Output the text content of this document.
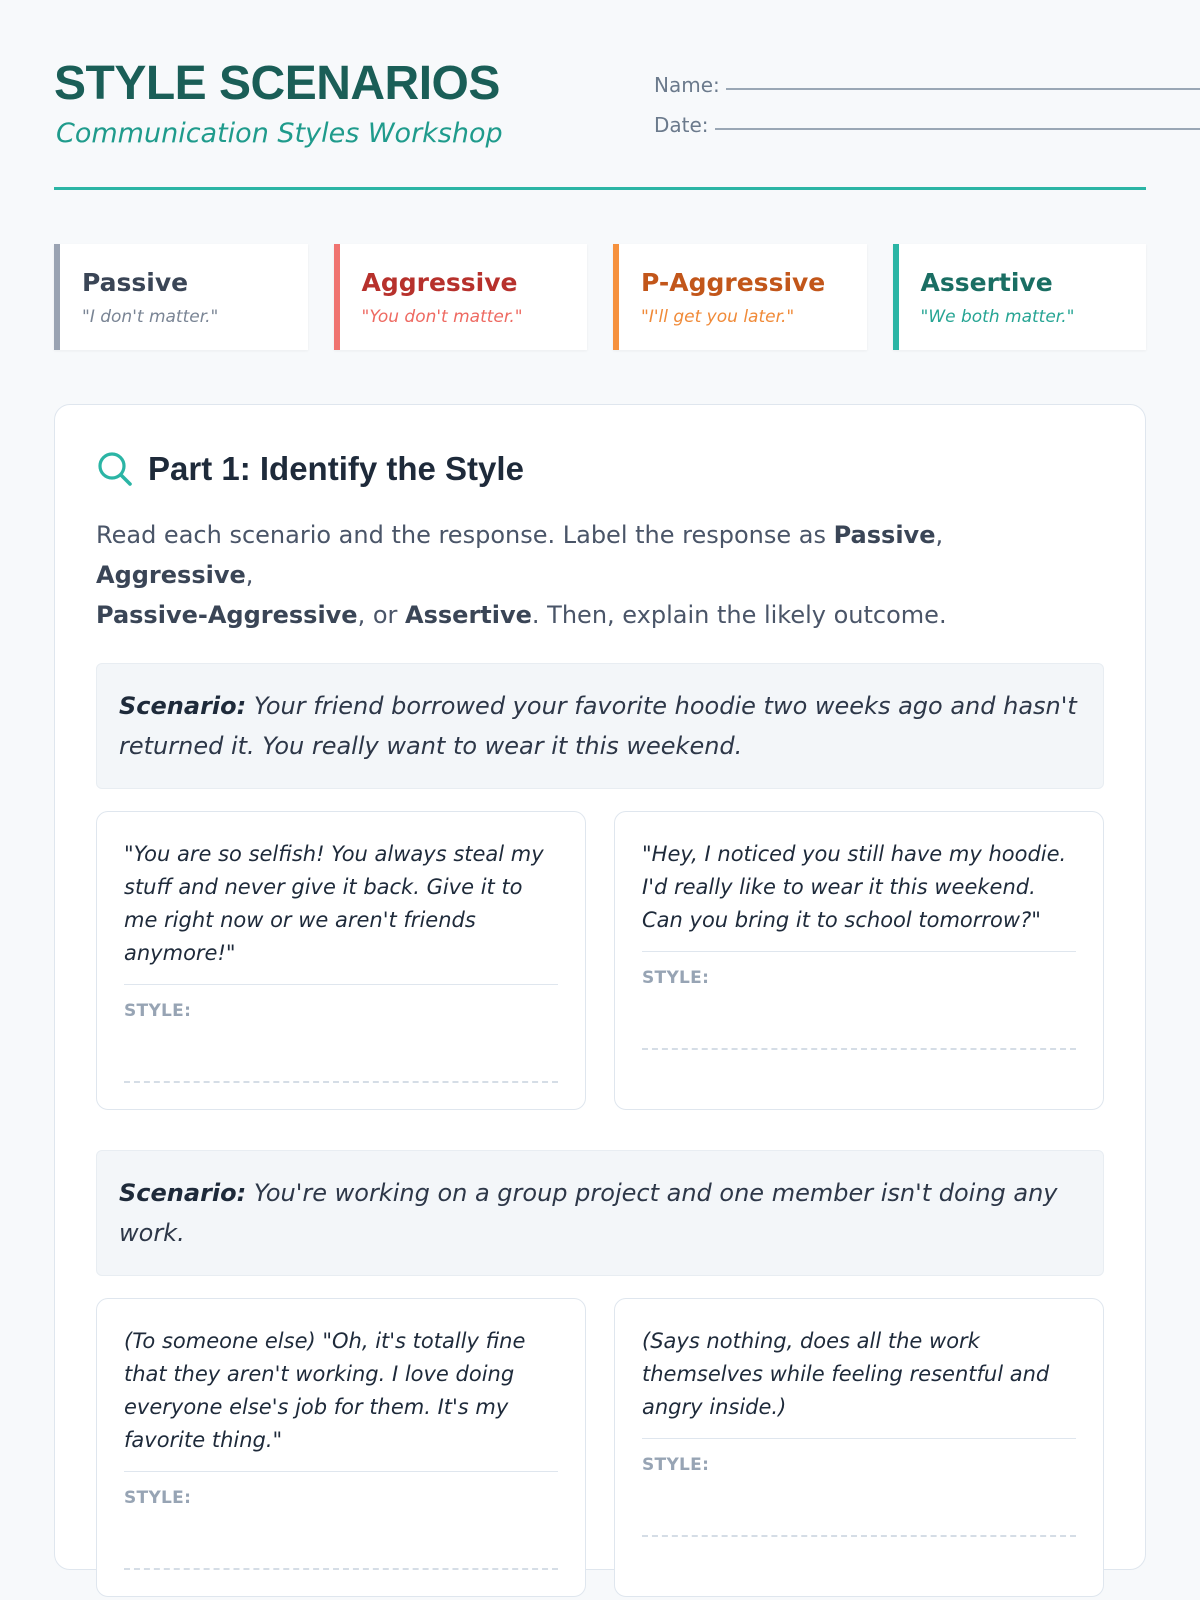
STYLE SCENARIOS
Communication Styles Workshop
Name:
Date:
Passive
"I don't matter."
Aggressive
"You don't matter."
P-Aggressive
"I'll get you later."
Assertive
"We both matter."
Part 1: Identify the Style
Read each scenario and the response. Label the response as Passive, Aggressive,
Passive-Aggressive, or Assertive. Then, explain the likely outcome.
Scenario: Your friend borrowed your favorite hoodie two weeks ago and hasn't returned it. You really want to wear it this weekend.
"You are so selfish! You always steal my stuff and never give it back. Give it to me right now or we aren't friends anymore!"
STYLE:
"Hey, I noticed you still have my hoodie. I'd really like to wear it this weekend. Can you bring it to school tomorrow?"
STYLE:
Scenario: You're working on a group project and one member isn't doing any work.
(To someone else) "Oh, it's totally fine that they aren't working. I love doing everyone else's job for them. It's my favorite thing."
STYLE:
(Says nothing, does all the work themselves while feeling resentful and angry inside.)
STYLE:
